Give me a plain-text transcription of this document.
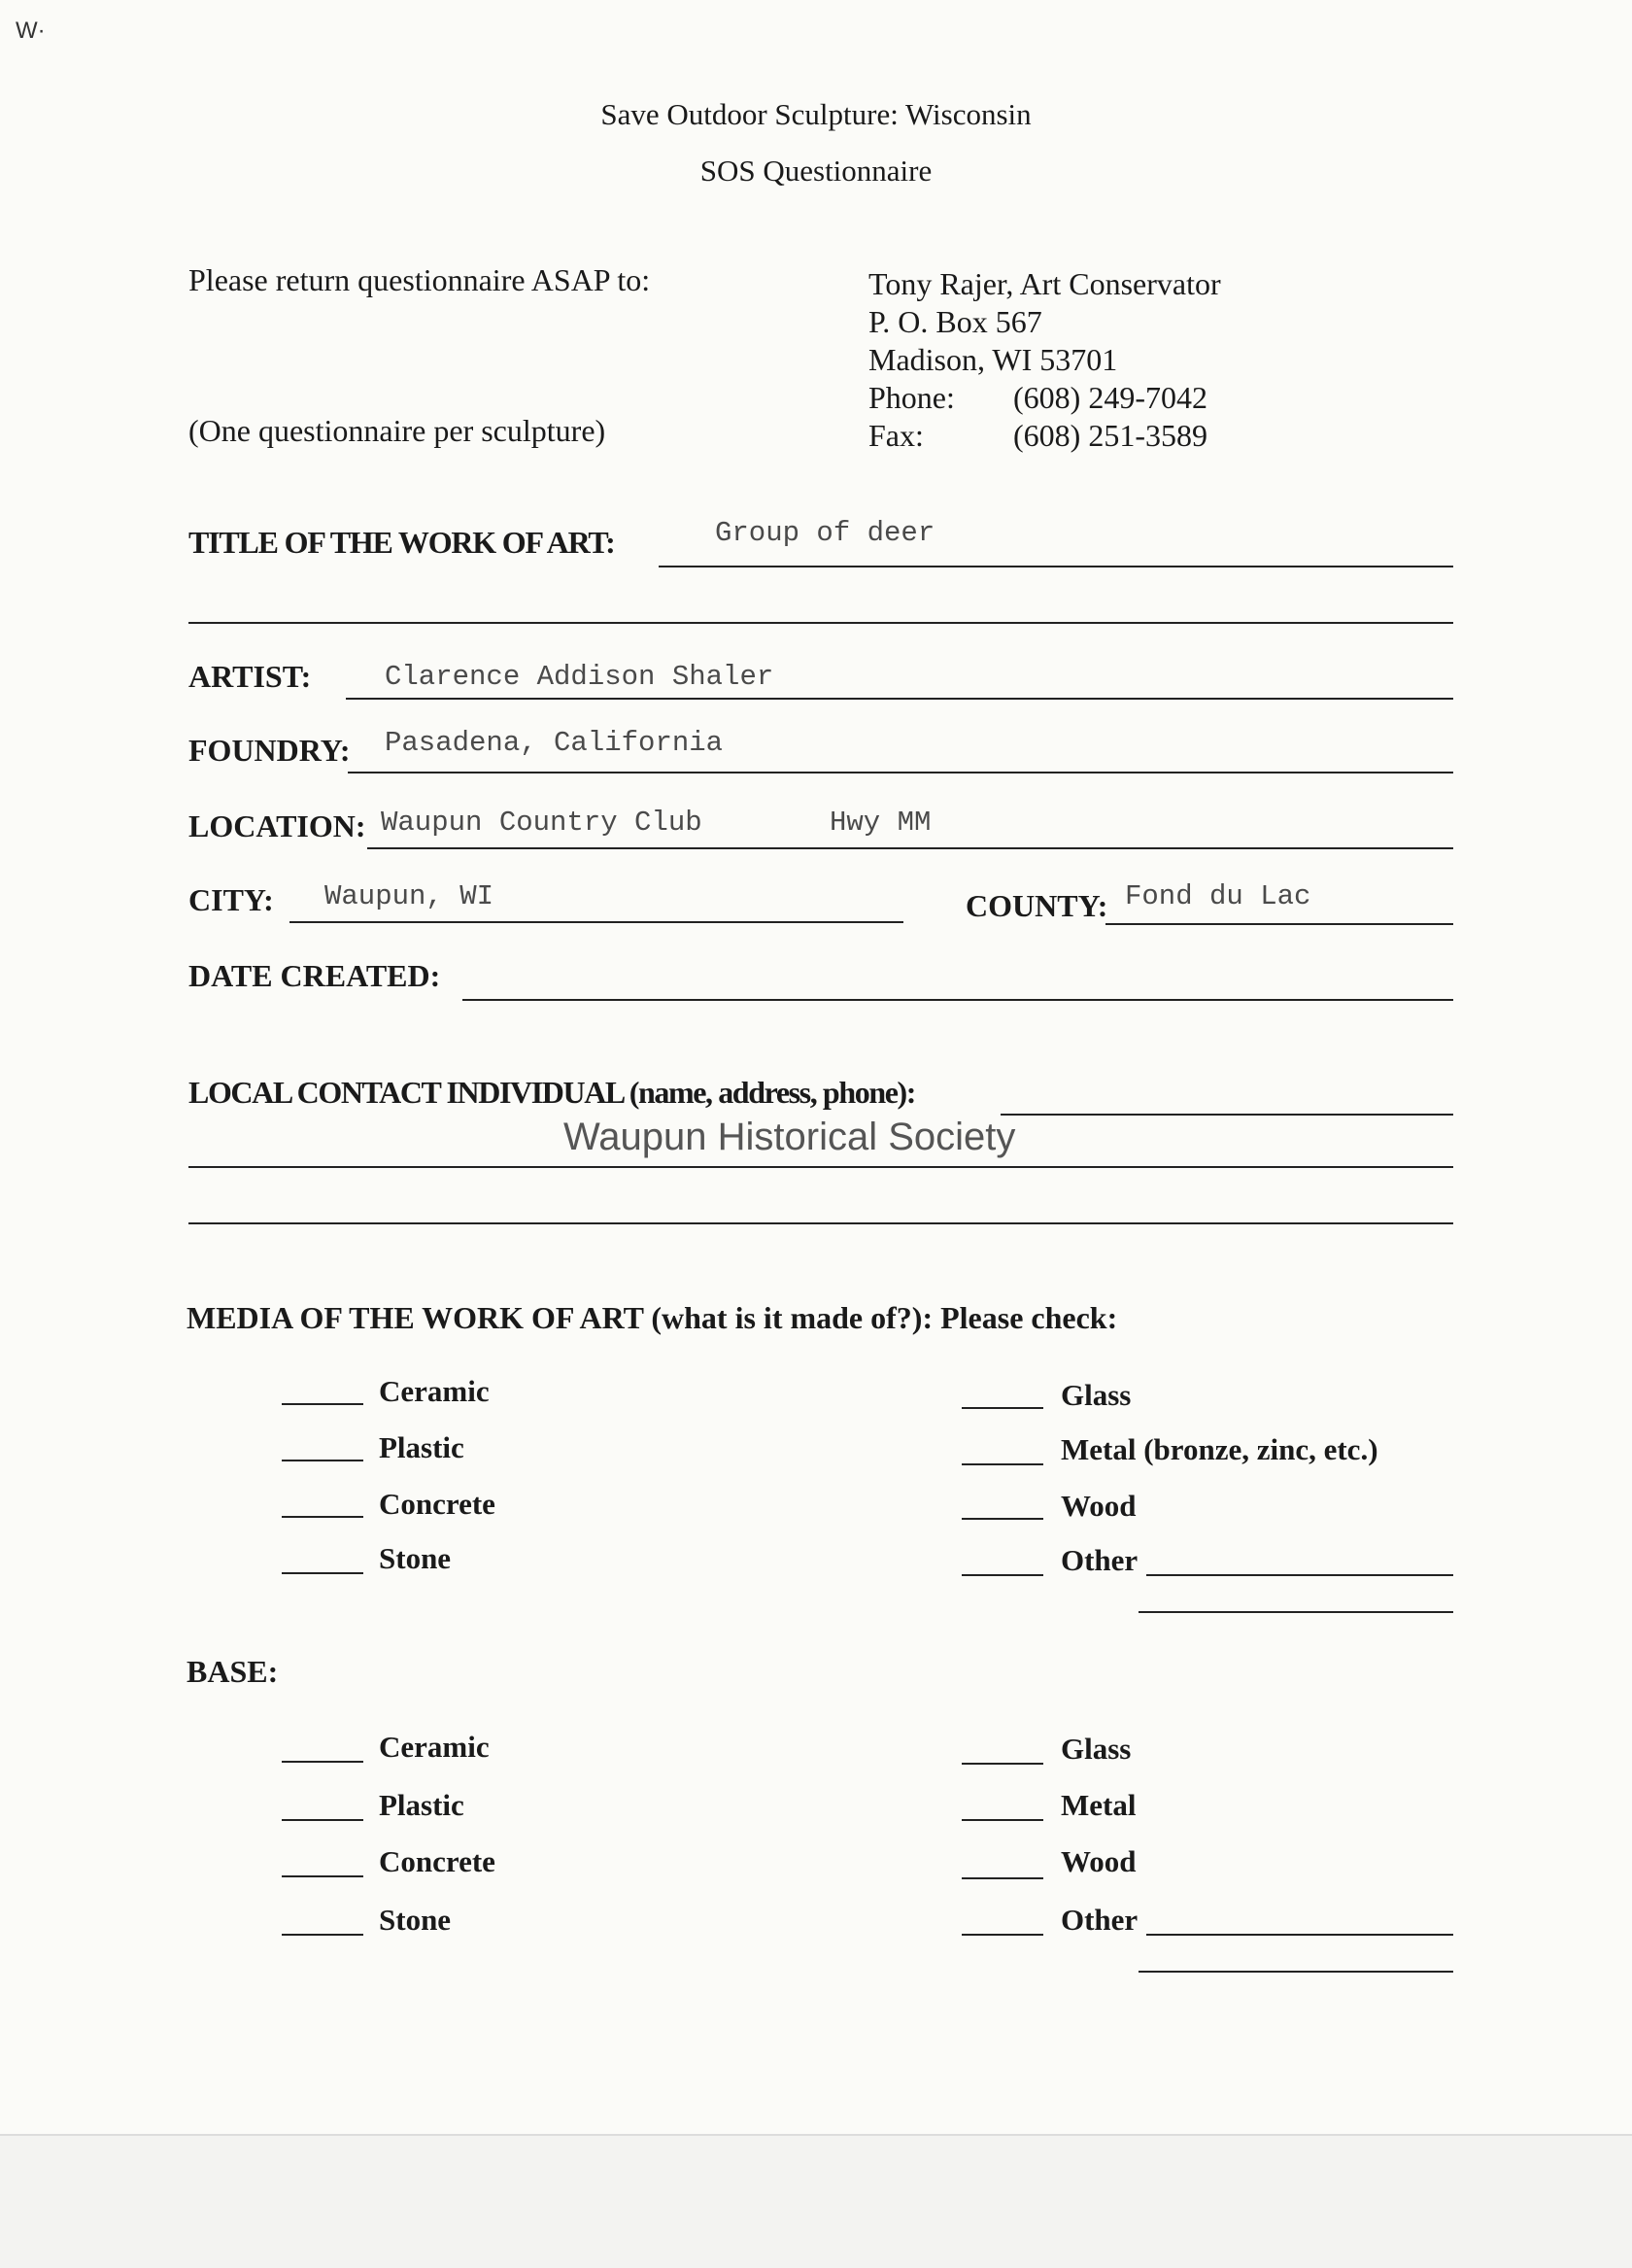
W·
Save Outdoor Sculpture: Wisconsin
SOS Questionnaire
Please return questionnaire ASAP to:
(One questionnaire per sculpture)
Tony Rajer, Art Conservator
P. O. Box 567
Madison, WI 53701
Phone: (608) 249-7042
Fax:	(608) 251-3589
TITLE OF THE WORK OF ART:	Group of deer
ARTIST:	Clarence Addison Shaler
FOUNDRY: Pasadena, California
LOCATION: Waupun Country Club	Hwy MM
CITY: Waupun, WI	COUNTY: Fond du Lac
DATE CREATED:
LOCAL CONTACT INDIVIDUAL (name, address, phone):
Waupun Historical Society
MEDIA OF THE WORK OF ART (what is it made of?): Please check:
Ceramic
Plastic
Concrete
Stone
Glass
Metal (bronze, zinc, etc.)
Wood
Other
BASE:
Ceramic
Plastic
Concrete
Stone
Glass
Metal
Wood
Other
